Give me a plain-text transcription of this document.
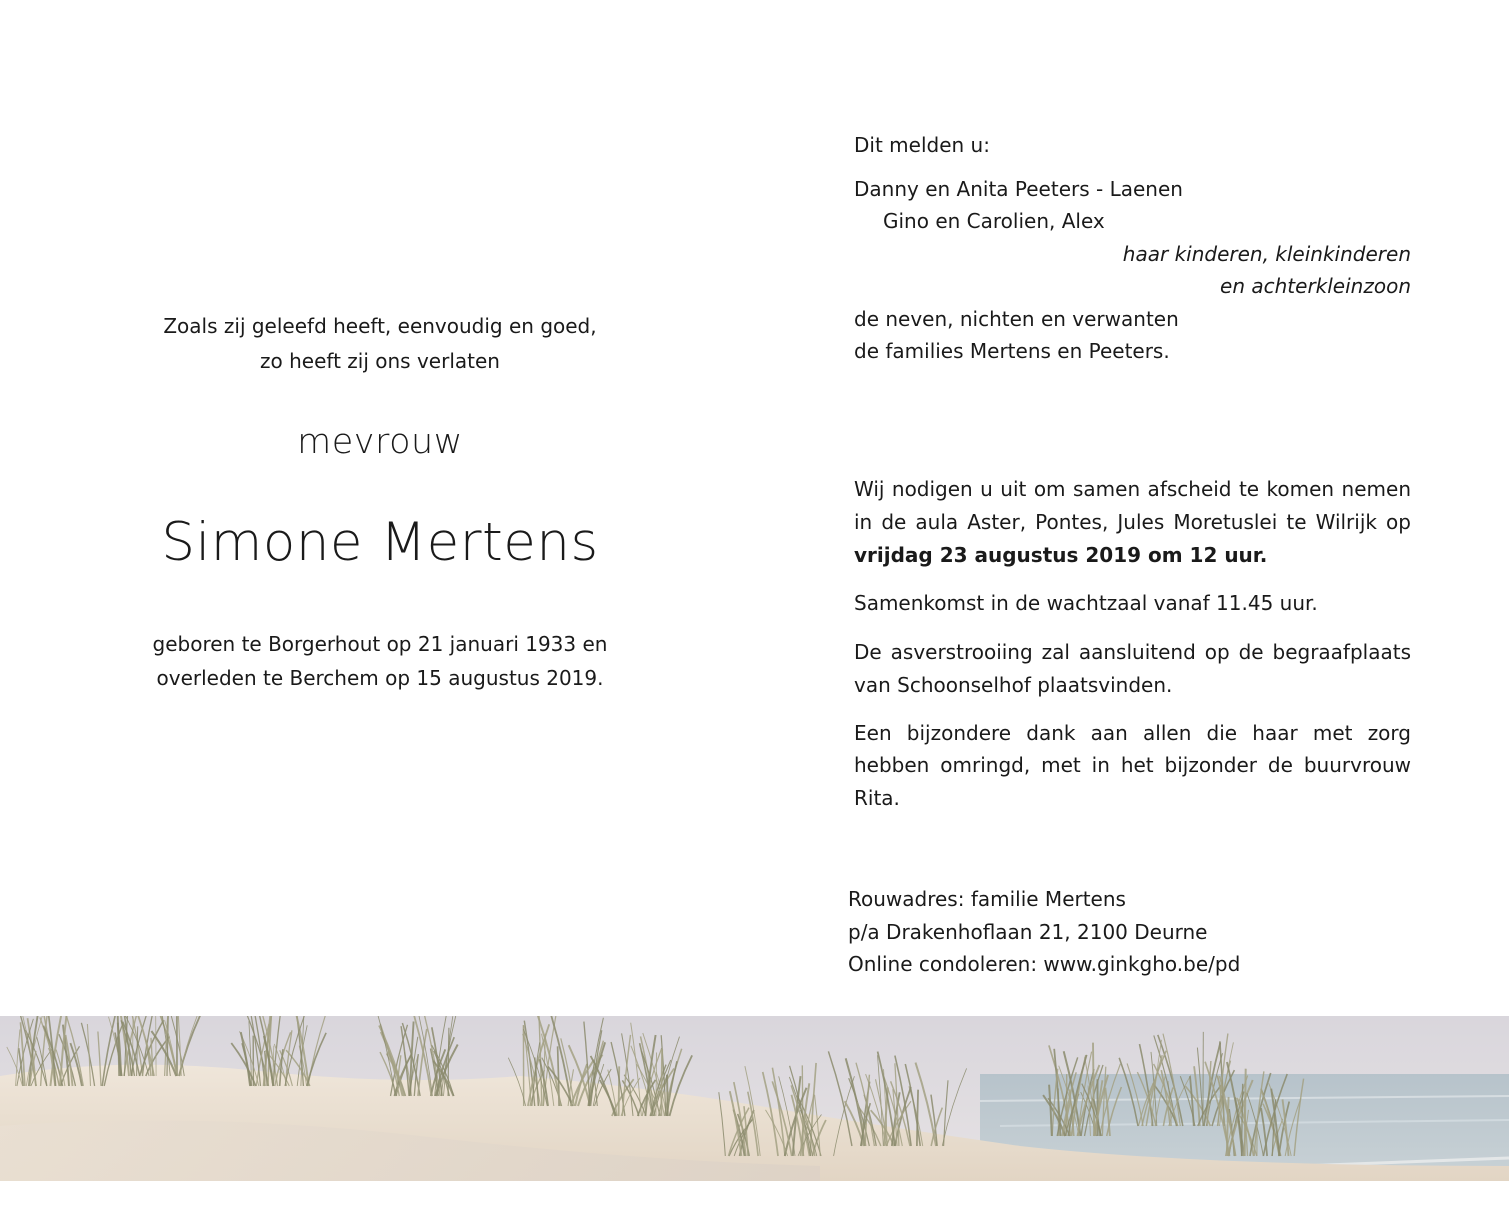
Zoals zij geleefd heeft, eenvoudig en goed,
zo heeft zij ons verlaten
mevrouw
Simone Mertens
geboren te Borgerhout op 21 januari 1933 en
overleden te Berchem op 15 augustus 2019.
Dit melden u:
Danny en Anita Peeters - Laenen
Gino en Carolien, Alex
haar kinderen, kleinkinderen
en achterkleinzoon
de neven, nichten en verwanten
de families Mertens en Peeters.
Wij nodigen u uit om samen afscheid te komen nemen
in de aula Aster, Pontes, Jules Moretuslei te Wilrijk op
vrijdag 23 augustus 2019 om 12 uur.
Samenkomst in de wachtzaal vanaf 11.45 uur.
De asverstrooiing zal aansluitend op de begraafplaats
van Schoonselhof plaatsvinden.
Een bijzondere dank aan allen die haar met zorg
hebben omringd, met in het bijzonder de buurvrouw
Rita.
Rouwadres: familie Mertens
p/a Drakenhoflaan 21, 2100 Deurne
Online condoleren: www.ginkgho.be/pd
